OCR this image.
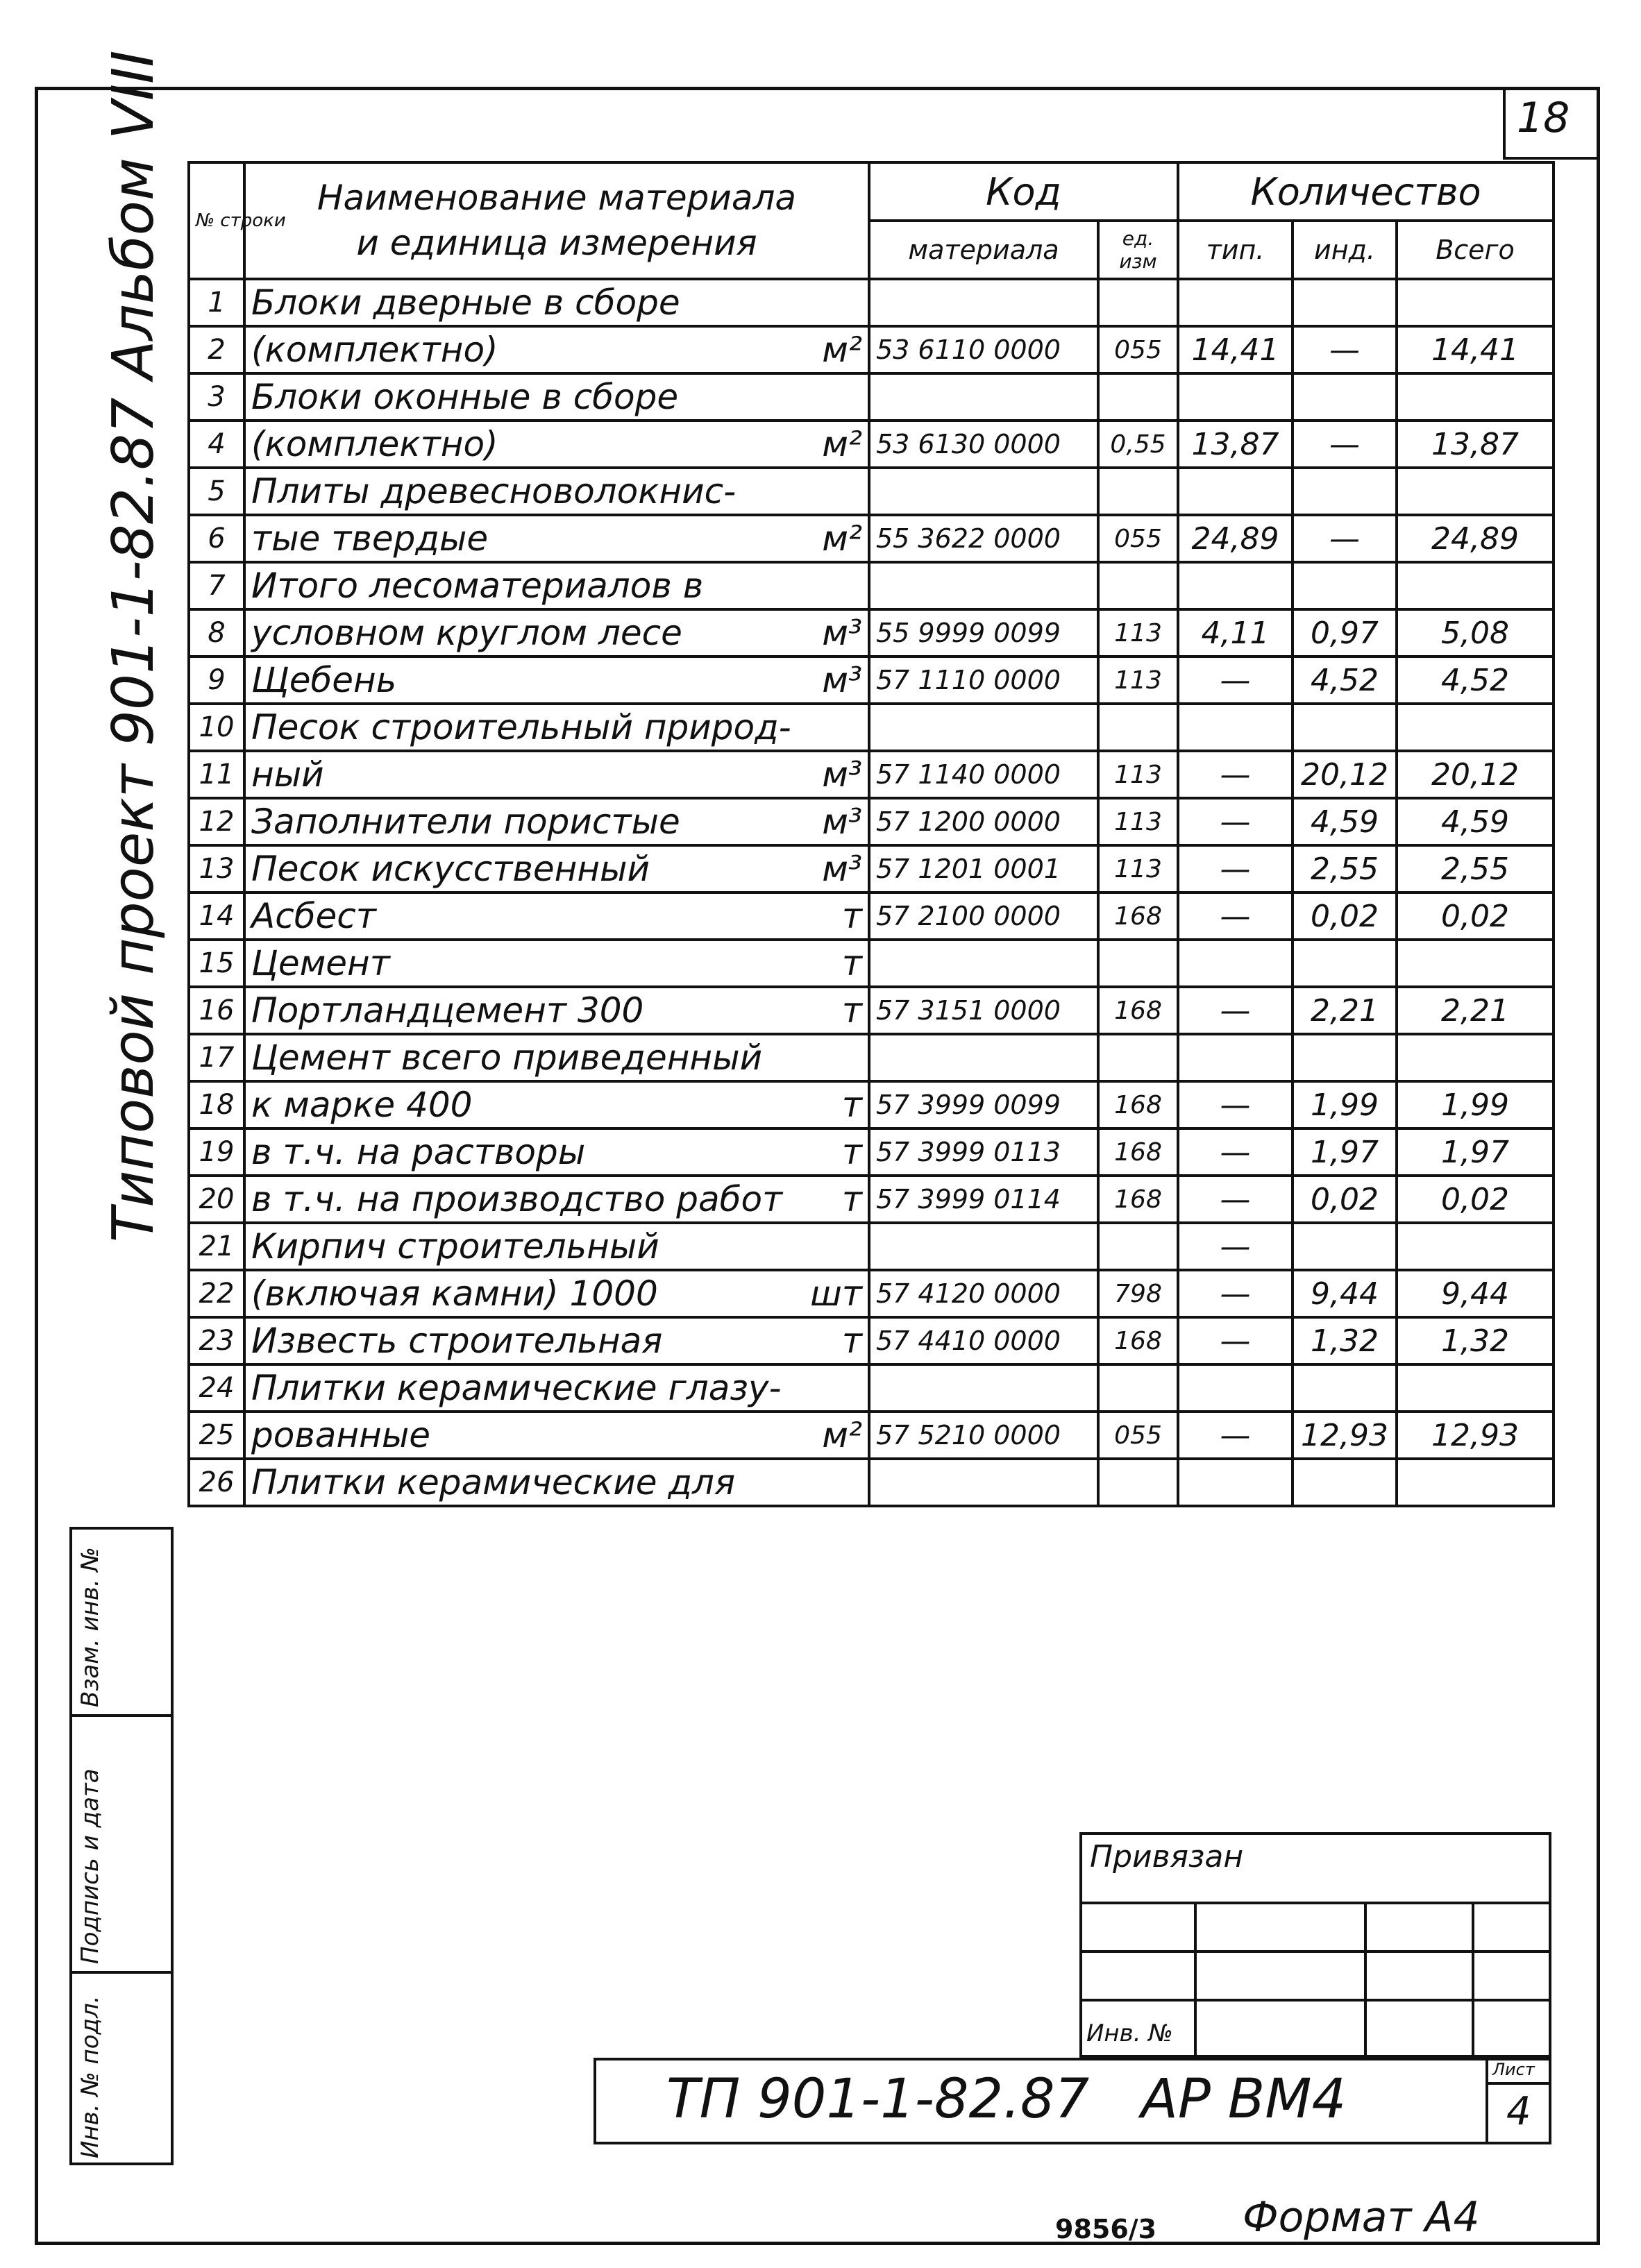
18
Типовой проект 901-1-82.87 Альбом VIII
Инв. № подл.
Подпись и дата
Взам. инв. №
№ строки	Наименование материала
и единица измерения	Код		Количество		
		материала	ед. изм	тип.	инд.	Всего
1	Блоки дверные в сборе

2	(комплектно) м²	53 6110 0000	055	14,41	—	14,41
3	Блоки оконные в сборе

4	(комплектно) м²	53 6130 0000	0,55	13,87	—	13,87
5	Плиты древесноволокнис-

6	тые твердые м²	55 3622 0000	055	24,89	—	24,89
7	Итого лесоматериалов в

8	условном круглом лесе м³	55 9999 0099	113	4,11	0,97	5,08
9	Щебень м³	57 1110 0000	113	—	4,52	4,52
10	Песок строительный природ-

11	ный м³	57 1140 0000	113	—	20,12	20,12
12	Заполнители пористые м³	57 1200 0000	113	—	4,59	4,59
13	Песок искусственный м³	57 1201 0001	113	—	2,55	2,55
14	Асбест т	57 2100 0000	168	—	0,02	0,02
15	Цемент т					

16	Портландцемент 300 т	57 3151 0000	168	—	2,21	2,21
17	Цемент всего приведенный

18	к марке 400 т	57 3999 0099	168	—	1,99	1,99
19	в т.ч. на растворы т	57 3999 0113	168	—	1,97	1,97
20	в т.ч. на производство работ т	57 3999 0114	168	—	0,02	0,02
21	Кирпич строительный			—		
22	(включая камни) 1000 шт	57 4120 0000	798	—	9,44	9,44
23	Известь строительная т	57 4410 0000	168	—	1,32	1,32
24	Плитки керамические глазу-

25	рованные м²	57 5210 0000	055	—	12,93	12,93
26	Плитки керамические для

Привязан
Инв. №
ТП 901-1-82.87   АР ВМ4	Лист
4
Формат А4
9856/3
